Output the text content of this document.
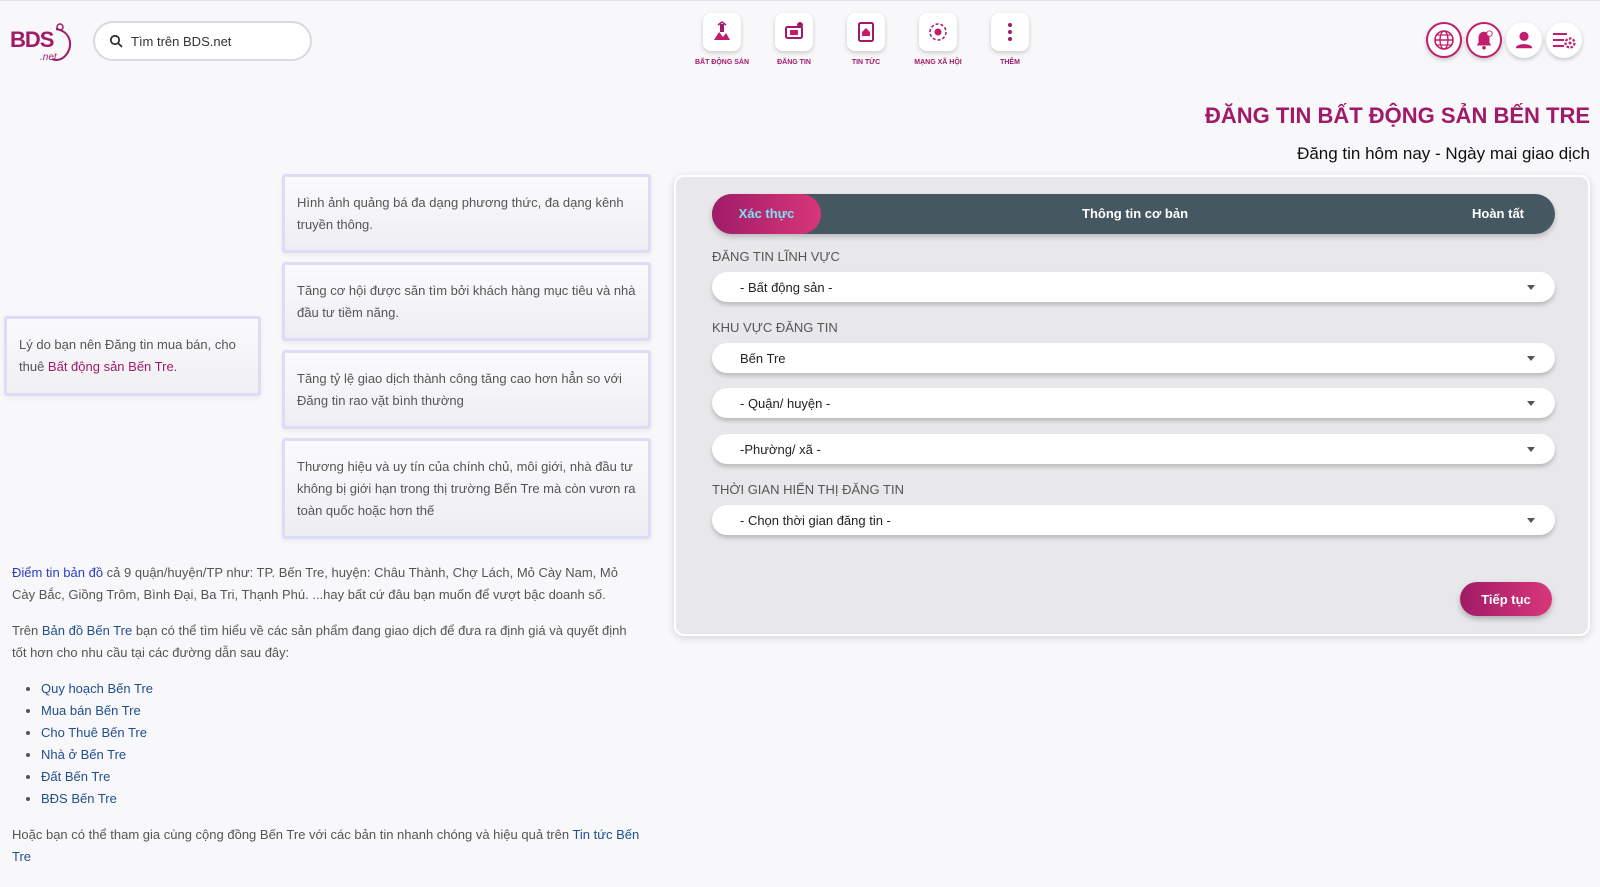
BDS
.net
Tìm trên BDS.net	BẤT ĐỘNG SẢN	ĐĂNG TIN	TIN TỨC	MẠNG XÃ HỘI	THÊM
ĐĂNG TIN BẤT ĐỘNG SẢN BẾN TRE
Đăng tin hôm nay - Ngày mai giao dịch
Lý do bạn nên Đăng tin mua bán, cho thuê Bất động sản Bến Tre.
Hình ảnh quảng bá đa dạng phương thức, đa dạng kênh truyền thông.
Tăng cơ hội được săn tìm bởi khách hàng mục tiêu và nhà đầu tư tiềm năng.
Tăng tỷ lệ giao dịch thành công tăng cao hơn hẳn so với Đăng tin rao vặt bình thường
Thương hiệu và uy tín của chính chủ, môi giới, nhà đầu tư không bị giới hạn trong thị trường Bến Tre mà còn vươn ra toàn quốc hoặc hơn thế

Điểm tin bản đồ cả 9 quận/huyện/TP như: TP. Bến Tre, huyện: Châu Thành, Chợ Lách, Mỏ Cày Nam, Mỏ Cày Bắc, Giồng Trôm, Bình Đại, Ba Tri, Thạnh Phú. ...hay bất cứ đâu bạn muốn để vượt bậc doanh số.

Trên Bản đồ Bến Tre bạn có thể tìm hiểu về các sản phẩm đang giao dịch để đưa ra định giá và quyết định tốt hơn cho nhu cầu tại các đường dẫn sau đây:

Quy hoạch Bến Tre
Mua bán Bến Tre
Cho Thuê Bến Tre
Nhà ở Bến Tre
Đất Bến Tre
BĐS Bến Tre

Hoặc bạn có thể tham gia cùng cộng đồng Bến Tre với các bản tin nhanh chóng và hiệu quả trên Tin tức Bến Tre

Xác thực	Thông tin cơ bản	Hoàn tất
ĐĂNG TIN LĨNH VỰC
- Bất động sản -
KHU VỰC ĐĂNG TIN
Bến Tre
- Quận/ huyện -
-Phường/ xã -
THỜI GIAN HIỂN THỊ ĐĂNG TIN
- Chọn thời gian đăng tin -
Tiếp tục
